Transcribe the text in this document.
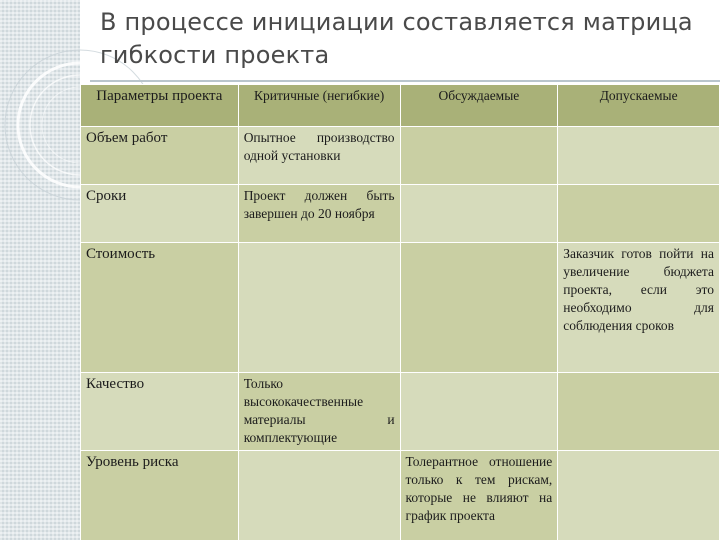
В процессе инициации составляется матрица гибкости проекта
Параметры проекта	Критичные (негибкие)	Обсуждаемые	Допускаемые
Объем работ	Опытное производство одной установки		
Сроки	Проект должен быть завершен до 20 ноября		
Стоимость			Заказчик готов пойти на увеличение бюджета проекта, если это необходимо для соблюдения сроков
Качество	Только высококачественные материалы и комплектующие		
Уровень риска		Толерантное отношение только к тем рискам, которые не влияют на график проекта	
